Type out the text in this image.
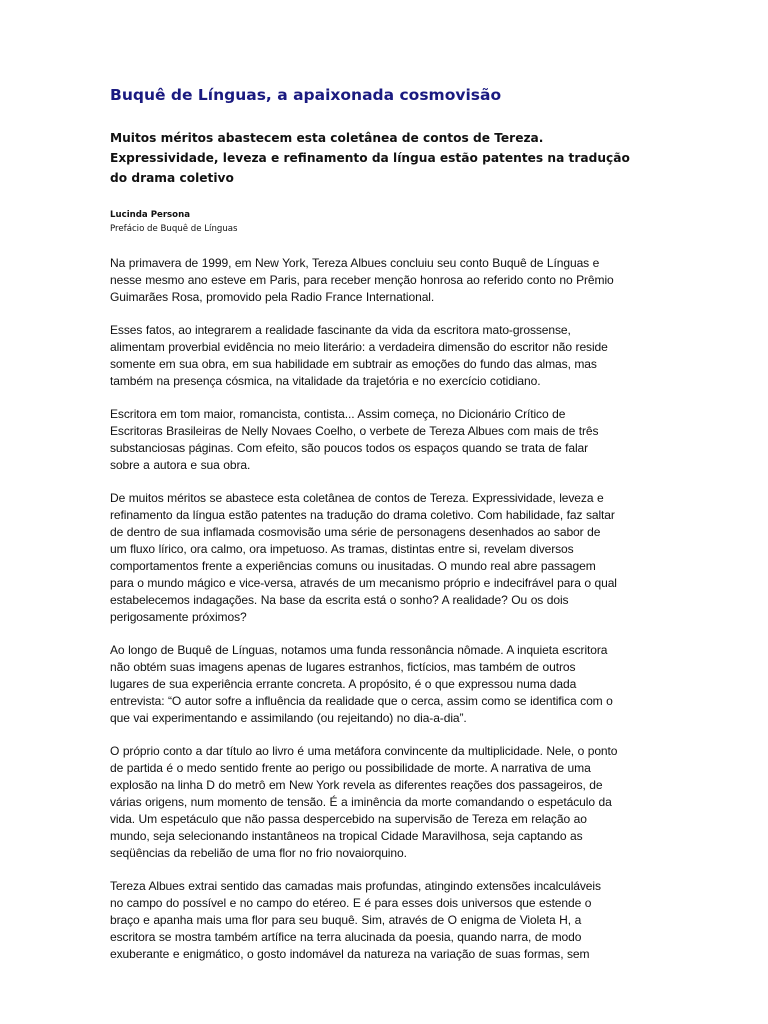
Buquê de Línguas, a apaixonada cosmovisão
Muitos méritos abastecem esta coletânea de contos de Tereza.
Expressividade, leveza e refinamento da língua estão patentes na tradução
do drama coletivo

Lucinda Persona

Prefácio de Buquê de Línguas

Na primavera de 1999, em New York, Tereza Albues concluiu seu conto Buquê de Línguas e
nesse mesmo ano esteve em Paris, para receber menção honrosa ao referido conto no Prêmio
Guimarães Rosa, promovido pela Radio France International.

Esses fatos, ao integrarem a realidade fascinante da vida da escritora mato-grossense,
alimentam proverbial evidência no meio literário: a verdadeira dimensão do escritor não reside
somente em sua obra, em sua habilidade em subtrair as emoções do fundo das almas, mas
também na presença cósmica, na vitalidade da trajetória e no exercício cotidiano.

Escritora em tom maior, romancista, contista... Assim começa, no Dicionário Crítico de
Escritoras Brasileiras de Nelly Novaes Coelho, o verbete de Tereza Albues com mais de três
substanciosas páginas. Com efeito, são poucos todos os espaços quando se trata de falar
sobre a autora e sua obra.

De muitos méritos se abastece esta coletânea de contos de Tereza. Expressividade, leveza e
refinamento da língua estão patentes na tradução do drama coletivo. Com habilidade, faz saltar
de dentro de sua inflamada cosmovisão uma série de personagens desenhados ao sabor de
um fluxo lírico, ora calmo, ora impetuoso. As tramas, distintas entre si, revelam diversos
comportamentos frente a experiências comuns ou inusitadas. O mundo real abre passagem
para o mundo mágico e vice-versa, através de um mecanismo próprio e indecifrável para o qual
estabelecemos indagações. Na base da escrita está o sonho? A realidade? Ou os dois
perigosamente próximos?

Ao longo de Buquê de Línguas, notamos uma funda ressonância nômade. A inquieta escritora
não obtém suas imagens apenas de lugares estranhos, fictícios, mas também de outros
lugares de sua experiência errante concreta. A propósito, é o que expressou numa dada
entrevista: “O autor sofre a influência da realidade que o cerca, assim como se identifica com o
que vai experimentando e assimilando (ou rejeitando) no dia-a-dia”.

O próprio conto a dar título ao livro é uma metáfora convincente da multiplicidade. Nele, o ponto
de partida é o medo sentido frente ao perigo ou possibilidade de morte. A narrativa de uma
explosão na linha D do metrô em New York revela as diferentes reações dos passageiros, de
várias origens, num momento de tensão. É a iminência da morte comandando o espetáculo da
vida. Um espetáculo que não passa despercebido na supervisão de Tereza em relação ao
mundo, seja selecionando instantâneos na tropical Cidade Maravilhosa, seja captando as
seqüências da rebelião de uma flor no frio novaiorquino.

Tereza Albues extrai sentido das camadas mais profundas, atingindo extensões incalculáveis
no campo do possível e no campo do etéreo. E é para esses dois universos que estende o
braço e apanha mais uma flor para seu buquê. Sim, através de O enigma de Violeta H, a
escritora se mostra também artífice na terra alucinada da poesia, quando narra, de modo
exuberante e enigmático, o gosto indomável da natureza na variação de suas formas, sem
